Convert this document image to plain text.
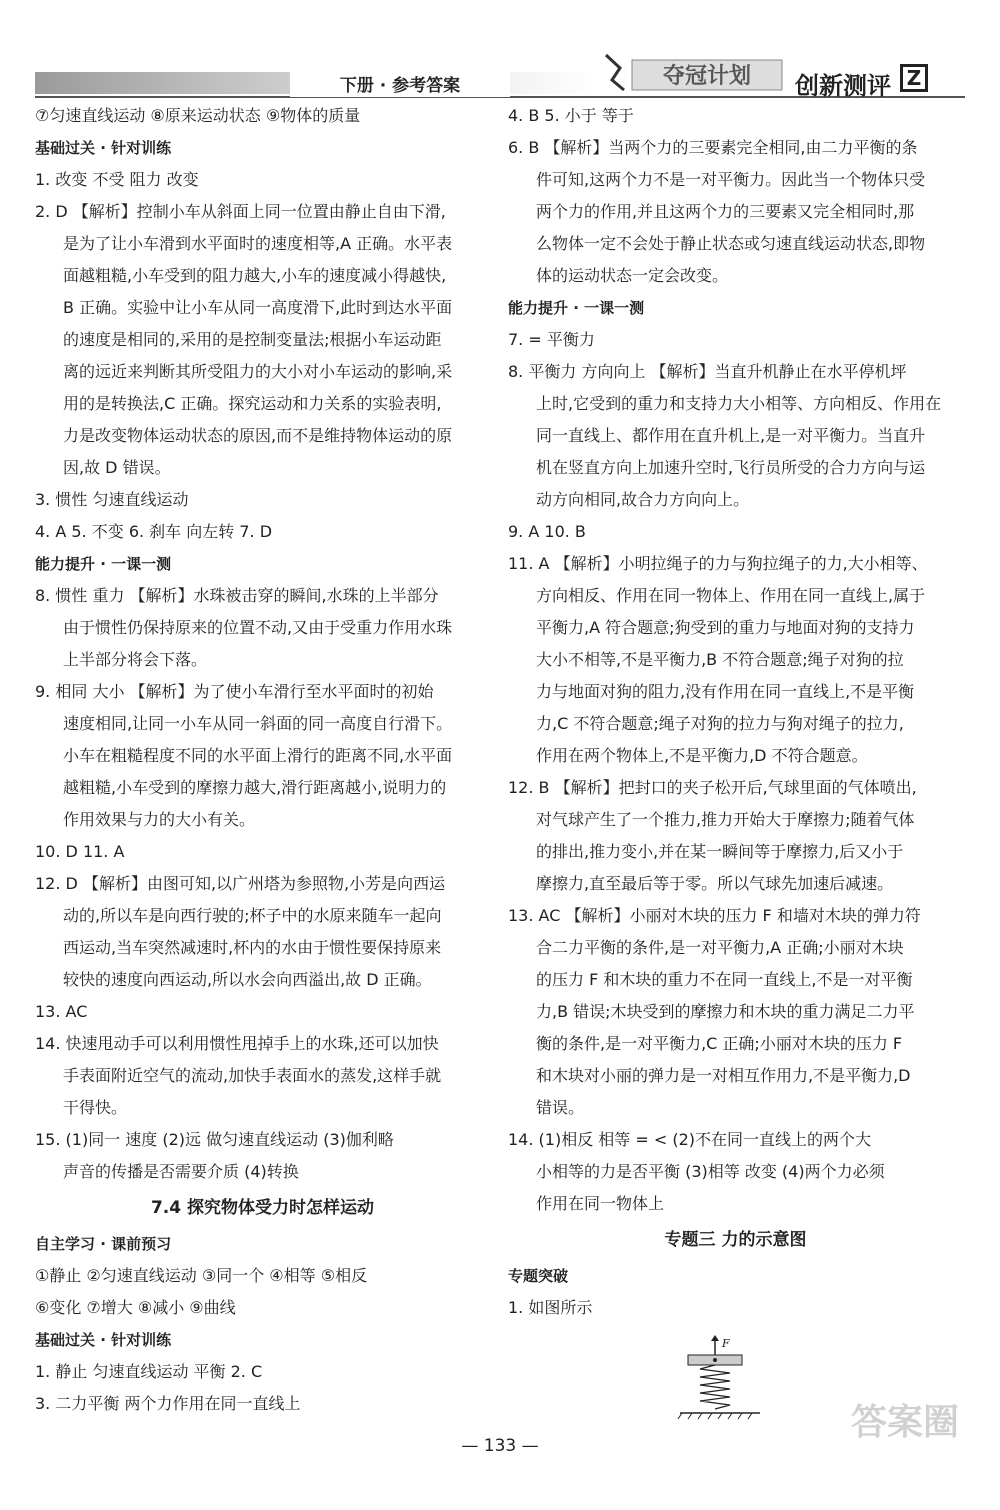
下册 · 参考答案	夺冠计划 创新测评 Z
⑦匀速直线运动 ⑧原来运动状态 ⑨物体的质量
基础过关 · 针对训练
1. 改变 不受 阻力 改变
2. D 【解析】控制小车从斜面上同一位置由静止自由下滑,
是为了让小车滑到水平面时的速度相等,A 正确。水平表
面越粗糙,小车受到的阻力越大,小车的速度减小得越快,
B 正确。实验中让小车从同一高度滑下,此时到达水平面
的速度是相同的,采用的是控制变量法;根据小车运动距
离的远近来判断其所受阻力的大小对小车运动的影响,采
用的是转换法,C 正确。探究运动和力关系的实验表明,
力是改变物体运动状态的原因,而不是维持物体运动的原
因,故 D 错误。
3. 惯性 匀速直线运动
4. A 5. 不变 6. 刹车 向左转 7. D
能力提升 · 一课一测
8. 惯性 重力 【解析】水珠被击穿的瞬间,水珠的上半部分
由于惯性仍保持原来的位置不动,又由于受重力作用水珠
上半部分将会下落。
9. 相同 大小 【解析】为了使小车滑行至水平面时的初始
速度相同,让同一小车从同一斜面的同一高度自行滑下。
小车在粗糙程度不同的水平面上滑行的距离不同,水平面
越粗糙,小车受到的摩擦力越大,滑行距离越小,说明力的
作用效果与力的大小有关。
10. D 11. A
12. D 【解析】由图可知,以广州塔为参照物,小芳是向西运
动的,所以车是向西行驶的;杯子中的水原来随车一起向
西运动,当车突然减速时,杯内的水由于惯性要保持原来
较快的速度向西运动,所以水会向西溢出,故 D 正确。
13. AC
14. 快速甩动手可以利用惯性甩掉手上的水珠,还可以加快
手表面附近空气的流动,加快手表面水的蒸发,这样手就
干得快。
15. (1)同一 速度 (2)远 做匀速直线运动 (3)伽利略
声音的传播是否需要介质 (4)转换
7.4 探究物体受力时怎样运动
自主学习 · 课前预习
①静止 ②匀速直线运动 ③同一个 ④相等 ⑤相反
⑥变化 ⑦增大 ⑧减小 ⑨曲线
基础过关 · 针对训练
1. 静止 匀速直线运动 平衡 2. C
3. 二力平衡 两个力作用在同一直线上
4. B 5. 小于 等于
6. B 【解析】当两个力的三要素完全相同,由二力平衡的条
件可知,这两个力不是一对平衡力。因此当一个物体只受
两个力的作用,并且这两个力的三要素又完全相同时,那
么物体一定不会处于静止状态或匀速直线运动状态,即物
体的运动状态一定会改变。
能力提升 · 一课一测
7. = 平衡力
8. 平衡力 方向向上 【解析】当直升机静止在水平停机坪
上时,它受到的重力和支持力大小相等、方向相反、作用在
同一直线上、都作用在直升机上,是一对平衡力。当直升
机在竖直方向上加速升空时,飞行员所受的合力方向与运
动方向相同,故合力方向向上。
9. A 10. B
11. A 【解析】小明拉绳子的力与狗拉绳子的力,大小相等、
方向相反、作用在同一物体上、作用在同一直线上,属于
平衡力,A 符合题意;狗受到的重力与地面对狗的支持力
大小不相等,不是平衡力,B 不符合题意;绳子对狗的拉
力与地面对狗的阻力,没有作用在同一直线上,不是平衡
力,C 不符合题意;绳子对狗的拉力与狗对绳子的拉力,
作用在两个物体上,不是平衡力,D 不符合题意。
12. B 【解析】把封口的夹子松开后,气球里面的气体喷出,
对气球产生了一个推力,推力开始大于摩擦力;随着气体
的排出,推力变小,并在某一瞬间等于摩擦力,后又小于
摩擦力,直至最后等于零。所以气球先加速后减速。
13. AC 【解析】小丽对木块的压力 F 和墙对木块的弹力符
合二力平衡的条件,是一对平衡力,A 正确;小丽对木块
的压力 F 和木块的重力不在同一直线上,不是一对平衡
力,B 错误;木块受到的摩擦力和木块的重力满足二力平
衡的条件,是一对平衡力,C 正确;小丽对木块的压力 F
和木块对小丽的弹力是一对相互作用力,不是平衡力,D
错误。
14. (1)相反 相等 = < (2)不在同一直线上的两个大
小相等的力是否平衡 (3)相等 改变 (4)两个力必须
作用在同一物体上
专题三 力的示意图
专题突破
1. 如图所示
F
— 133 —
答案圈
